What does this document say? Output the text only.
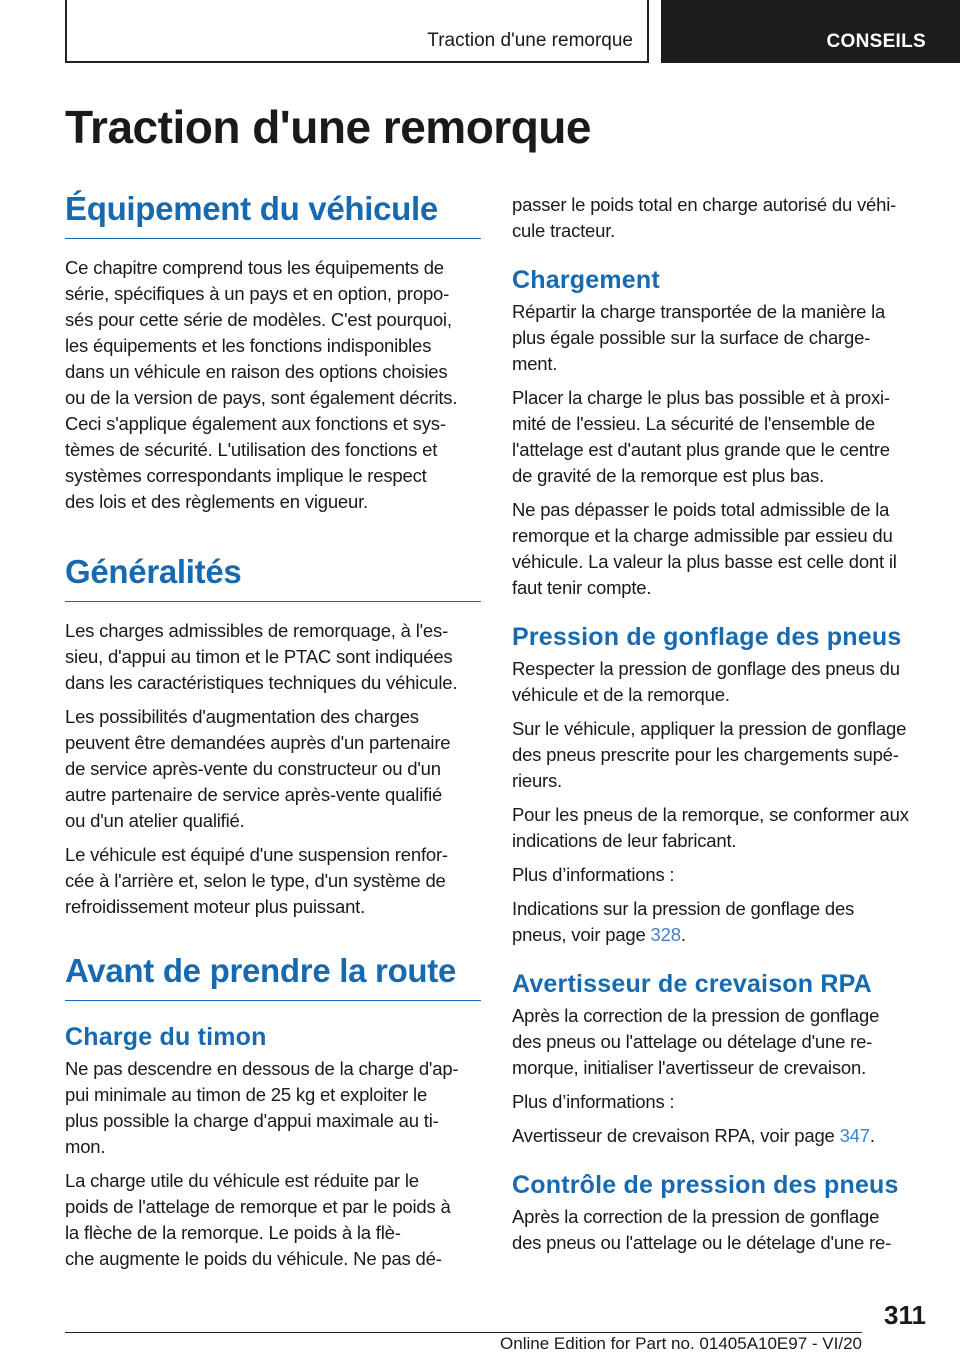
Traction d'une remorque	CONSEILS
Traction d'une remorque
Équipement du véhicule

Ce chapitre comprend tous les équipements de
série, spécifiques à un pays et en option, propo-
sés pour cette série de modèles. C'est pourquoi,
les équipements et les fonctions indisponibles
dans un véhicule en raison des options choisies
ou de la version de pays, sont également décrits.
Ceci s'applique également aux fonctions et sys-
tèmes de sécurité. L'utilisation des fonctions et
systèmes correspondants implique le respect
des lois et des règlements en vigueur.

Généralités

Les charges admissibles de remorquage, à l'es-
sieu, d'appui au timon et le PTAC sont indiquées
dans les caractéristiques techniques du véhicule.

Les possibilités d'augmentation des charges
peuvent être demandées auprès d'un partenaire
de service après-vente du constructeur ou d'un
autre partenaire de service après-vente qualifié
ou d'un atelier qualifié.

Le véhicule est équipé d'une suspension renfor-
cée à l'arrière et, selon le type, d'un système de
refroidissement moteur plus puissant.

Avant de prendre la route
Charge du timon

Ne pas descendre en dessous de la charge d'ap-
pui minimale au timon de 25 kg et exploiter le
plus possible la charge d'appui maximale au ti-
mon.

La charge utile du véhicule est réduite par le
poids de l'attelage de remorque et par le poids à
la flèche de la remorque. Le poids à la flè-
che augmente le poids du véhicule. Ne pas dé-

passer le poids total en charge autorisé du véhi-
cule tracteur.

Chargement

Répartir la charge transportée de la manière la
plus égale possible sur la surface de charge-
ment.

Placer la charge le plus bas possible et à proxi-
mité de l'essieu. La sécurité de l'ensemble de
l'attelage est d'autant plus grande que le centre
de gravité de la remorque est plus bas.

Ne pas dépasser le poids total admissible de la
remorque et la charge admissible par essieu du
véhicule. La valeur la plus basse est celle dont il
faut tenir compte.

Pression de gonflage des pneus

Respecter la pression de gonflage des pneus du
véhicule et de la remorque.

Sur le véhicule, appliquer la pression de gonflage
des pneus prescrite pour les chargements supé-
rieurs.

Pour les pneus de la remorque, se conformer aux
indications de leur fabricant.

Plus d’informations :

Indications sur la pression de gonflage des
pneus, voir page 328.

Avertisseur de crevaison RPA

Après la correction de la pression de gonflage
des pneus ou l'attelage ou dételage d'une re-
morque, initialiser l'avertisseur de crevaison.

Plus d’informations :

Avertisseur de crevaison RPA, voir page 347.

Contrôle de pression des pneus

Après la correction de la pression de gonflage
des pneus ou l'attelage ou le dételage d'une re-

311
Online Edition for Part no. 01405A10E97 - VI/20
